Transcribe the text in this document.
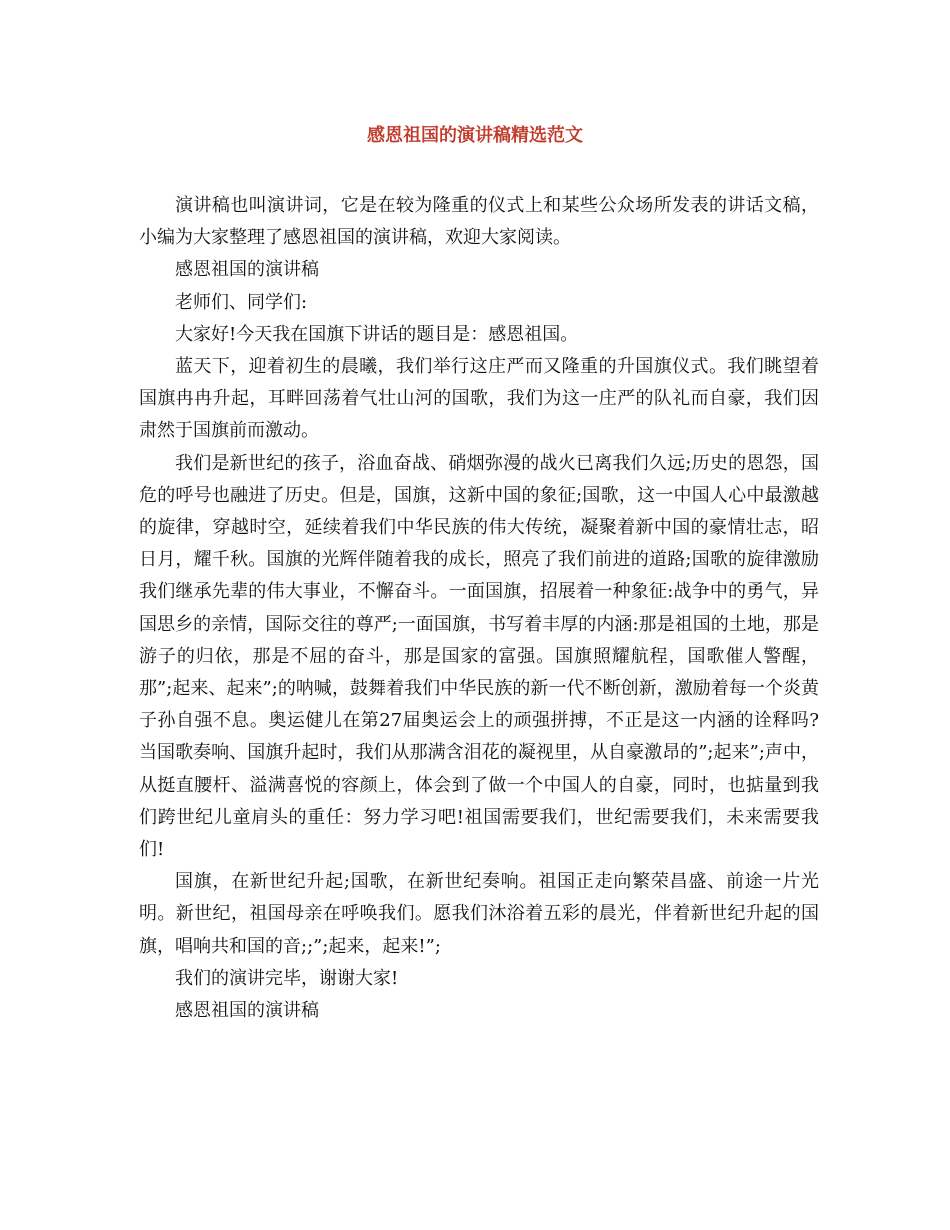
感恩祖国的演讲稿精选范文

演讲稿也叫演讲词，它是在较为隆重的仪式上和某些公众场所发表的讲话文稿，小编为大家整理了感恩祖国的演讲稿，欢迎大家阅读。

感恩祖国的演讲稿

老师们、同学们:

大家好!今天我在国旗下讲话的题目是：感恩祖国。

蓝天下，迎着初生的晨曦，我们举行这庄严而又隆重的升国旗仪式。我们眺望着国旗冉冉升起，耳畔回荡着气壮山河的国歌，我们为这一庄严的队礼而自豪，我们因肃然于国旗前而激动。

我们是新世纪的孩子，浴血奋战、硝烟弥漫的战火已离我们久远;历史的恩怨，国危的呼号也融进了历史。但是，国旗，这新中国的象征;国歌，这一中国人心中最激越的旋律，穿越时空，延续着我们中华民族的伟大传统，凝聚着新中国的豪情壮志，昭日月，耀千秋。国旗的光辉伴随着我的成长，照亮了我们前进的道路;国歌的旋律激励我们继承先辈的伟大事业，不懈奋斗。一面国旗，招展着一种象征:战争中的勇气，异国思乡的亲情，国际交往的尊严;一面国旗，书写着丰厚的内涵:那是祖国的土地，那是游子的归依，那是不屈的奋斗，那是国家的富强。国旗照耀航程，国歌催人警醒，那”;起来、起来”;的呐喊，鼓舞着我们中华民族的新一代不断创新，激励着每一个炎黄子孙自强不息。奥运健儿在第27届奥运会上的顽强拼搏，不正是这一内涵的诠释吗?当国歌奏响、国旗升起时，我们从那满含泪花的凝视里，从自豪激昂的”;起来”;声中，从挺直腰杆、溢满喜悦的容颜上，体会到了做一个中国人的自豪，同时，也掂量到我们跨世纪儿童肩头的重任：努力学习吧!祖国需要我们，世纪需要我们，未来需要我们!

国旗，在新世纪升起;国歌，在新世纪奏响。祖国正走向繁荣昌盛、前途一片光明。新世纪，祖国母亲在呼唤我们。愿我们沐浴着五彩的晨光，伴着新世纪升起的国旗，唱响共和国的音;;”;起来，起来!”;

我们的演讲完毕，谢谢大家!

感恩祖国的演讲稿
